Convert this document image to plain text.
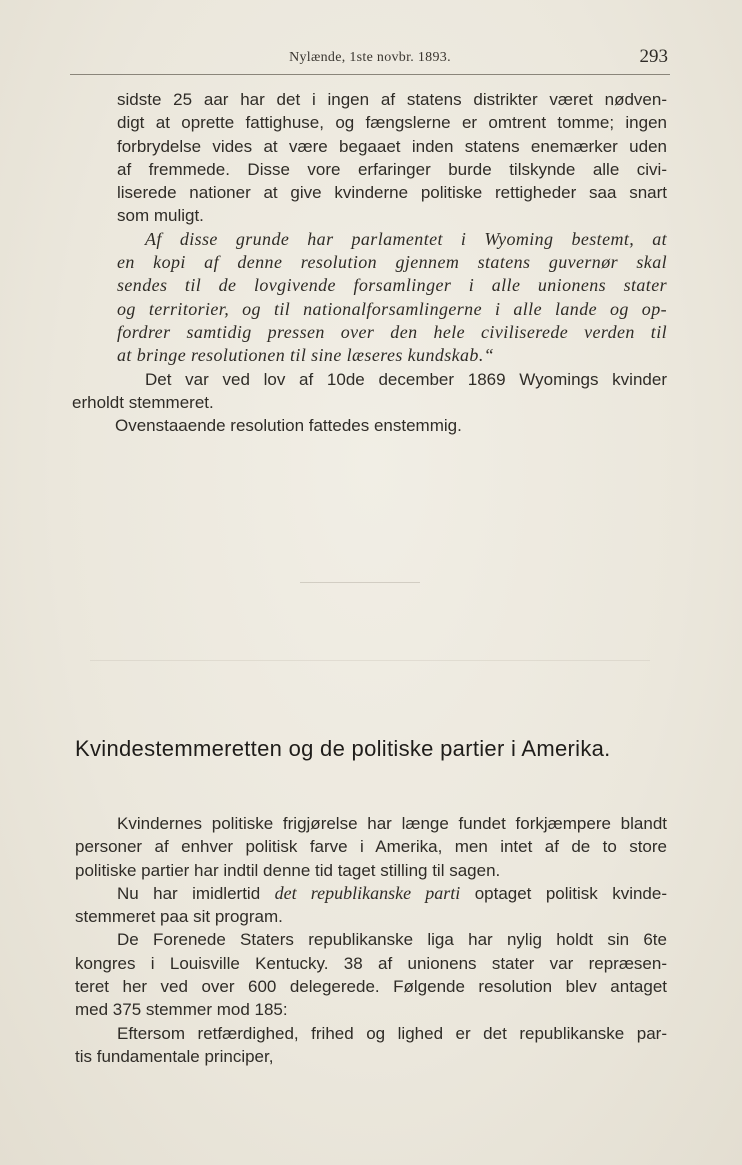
Nylænde, 1ste novbr. 1893.	293
sidste 25 aar har det i ingen af statens distrikter været nødven-
digt at oprette fattighuse, og fængslerne er omtrent tomme; ingen
forbrydelse vides at være begaaet inden statens enemærker uden
af fremmede. Disse vore erfaringer burde tilskynde alle civi-
liserede nationer at give kvinderne politiske rettigheder saa snart
som muligt.
Af disse grunde har parlamentet i Wyoming bestemt, at
en kopi af denne resolution gjennem statens guvernør skal
sendes til de lovgivende forsamlinger i alle unionens stater
og territorier, og til nationalforsamlingerne i alle lande og op-
fordrer samtidig pressen over den hele civiliserede verden til
at bringe resolutionen til sine læseres kundskab.“
Det var ved lov af 10de december 1869 Wyomings kvinder
erholdt stemmeret.
Ovenstaaende resolution fattedes enstemmig.
Kvindestemmeretten og de politiske partier i Amerika.
Kvindernes politiske frigjørelse har længe fundet forkjæmpere blandt
personer af enhver politisk farve i Amerika, men intet af de to store
politiske partier har indtil denne tid taget stilling til sagen.
Nu har imidlertid det republikanske parti optaget politisk kvinde-
stemmeret paa sit program.
De Forenede Staters republikanske liga har nylig holdt sin 6te
kongres i Louisville Kentucky. 38 af unionens stater var repræsen-
teret her ved over 600 delegerede. Følgende resolution blev antaget
med 375 stemmer mod 185:
Eftersom retfærdighed, frihed og lighed er det republikanske par-
tis fundamentale principer,
